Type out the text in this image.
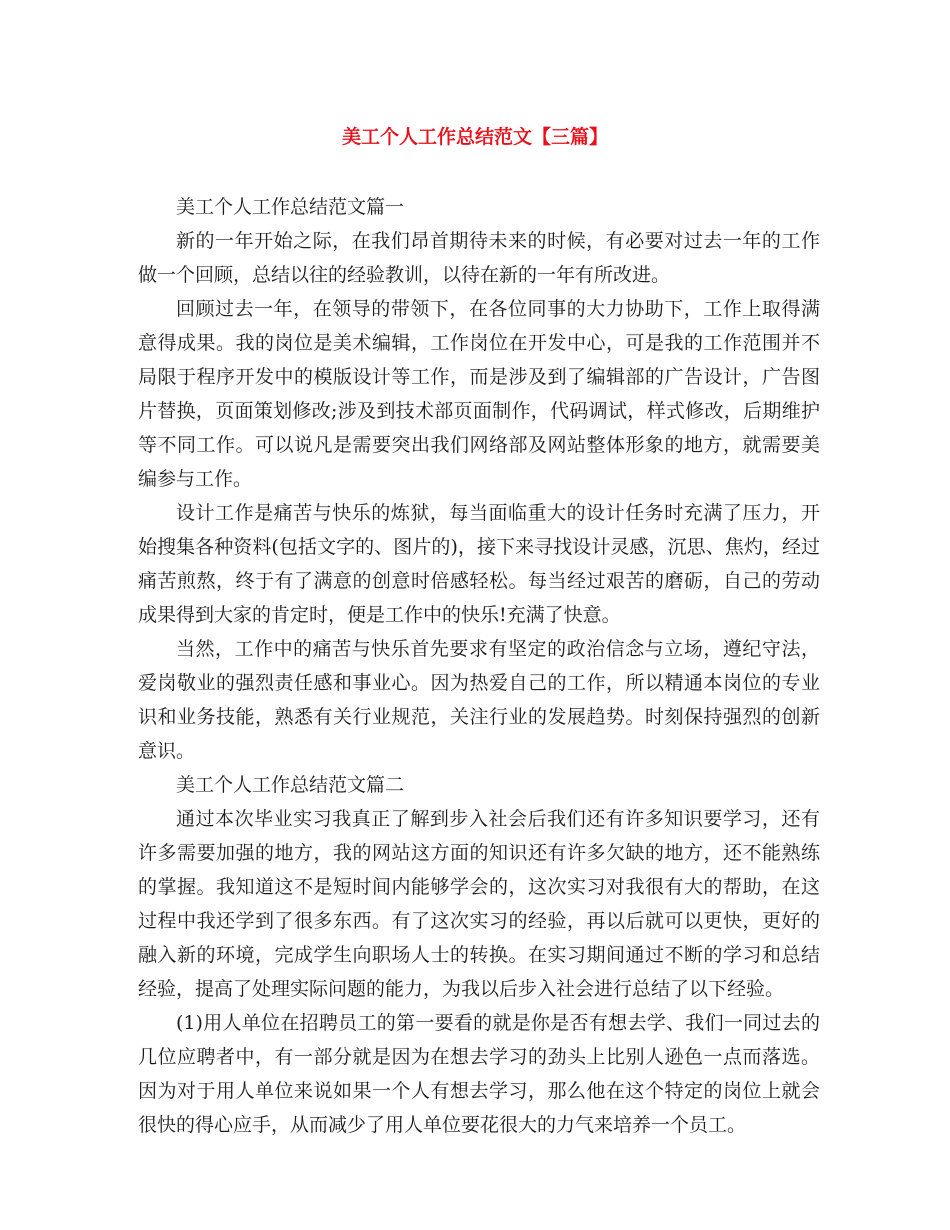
美工个人工作总结范文【三篇】

美工个人工作总结范文篇一

新的一年开始之际，在我们昂首期待未来的时候，有必要对过去一年的工作做一个回顾，总结以往的经验教训，以待在新的一年有所改进。

回顾过去一年，在领导的带领下，在各位同事的大力协助下，工作上取得满意得成果。我的岗位是美术编辑，工作岗位在开发中心，可是我的工作范围并不局限于程序开发中的模版设计等工作，而是涉及到了编辑部的广告设计，广告图片替换，页面策划修改;涉及到技术部页面制作，代码调试，样式修改，后期维护等不同工作。可以说凡是需要突出我们网络部及网站整体形象的地方，就需要美编参与工作。

设计工作是痛苦与快乐的炼狱，每当面临重大的设计任务时充满了压力，开始搜集各种资料(包括文字的、图片的)，接下来寻找设计灵感，沉思、焦灼，经过痛苦煎熬，终于有了满意的创意时倍感轻松。每当经过艰苦的磨砺，自己的劳动成果得到大家的肯定时，便是工作中的快乐!充满了快意。

当然，工作中的痛苦与快乐首先要求有坚定的政治信念与立场，遵纪守法，爱岗敬业的强烈责任感和事业心。因为热爱自己的工作，所以精通本岗位的专业识和业务技能，熟悉有关行业规范，关注行业的发展趋势。时刻保持强烈的创新意识。

美工个人工作总结范文篇二

通过本次毕业实习我真正了解到步入社会后我们还有许多知识要学习，还有许多需要加强的地方，我的网站这方面的知识还有许多欠缺的地方，还不能熟练的掌握。我知道这不是短时间内能够学会的，这次实习对我很有大的帮助，在这过程中我还学到了很多东西。有了这次实习的经验，再以后就可以更快，更好的融入新的环境，完成学生向职场人士的转换。在实习期间通过不断的学习和总结经验，提高了处理实际问题的能力，为我以后步入社会进行总结了以下经验。

(1)用人单位在招聘员工的第一要看的就是你是否有想去学、我们一同过去的几位应聘者中，有一部分就是因为在想去学习的劲头上比别人逊色一点而落选。因为对于用人单位来说如果一个人有想去学习，那么他在这个特定的岗位上就会很快的得心应手，从而减少了用人单位要花很大的力气来培养一个员工。
